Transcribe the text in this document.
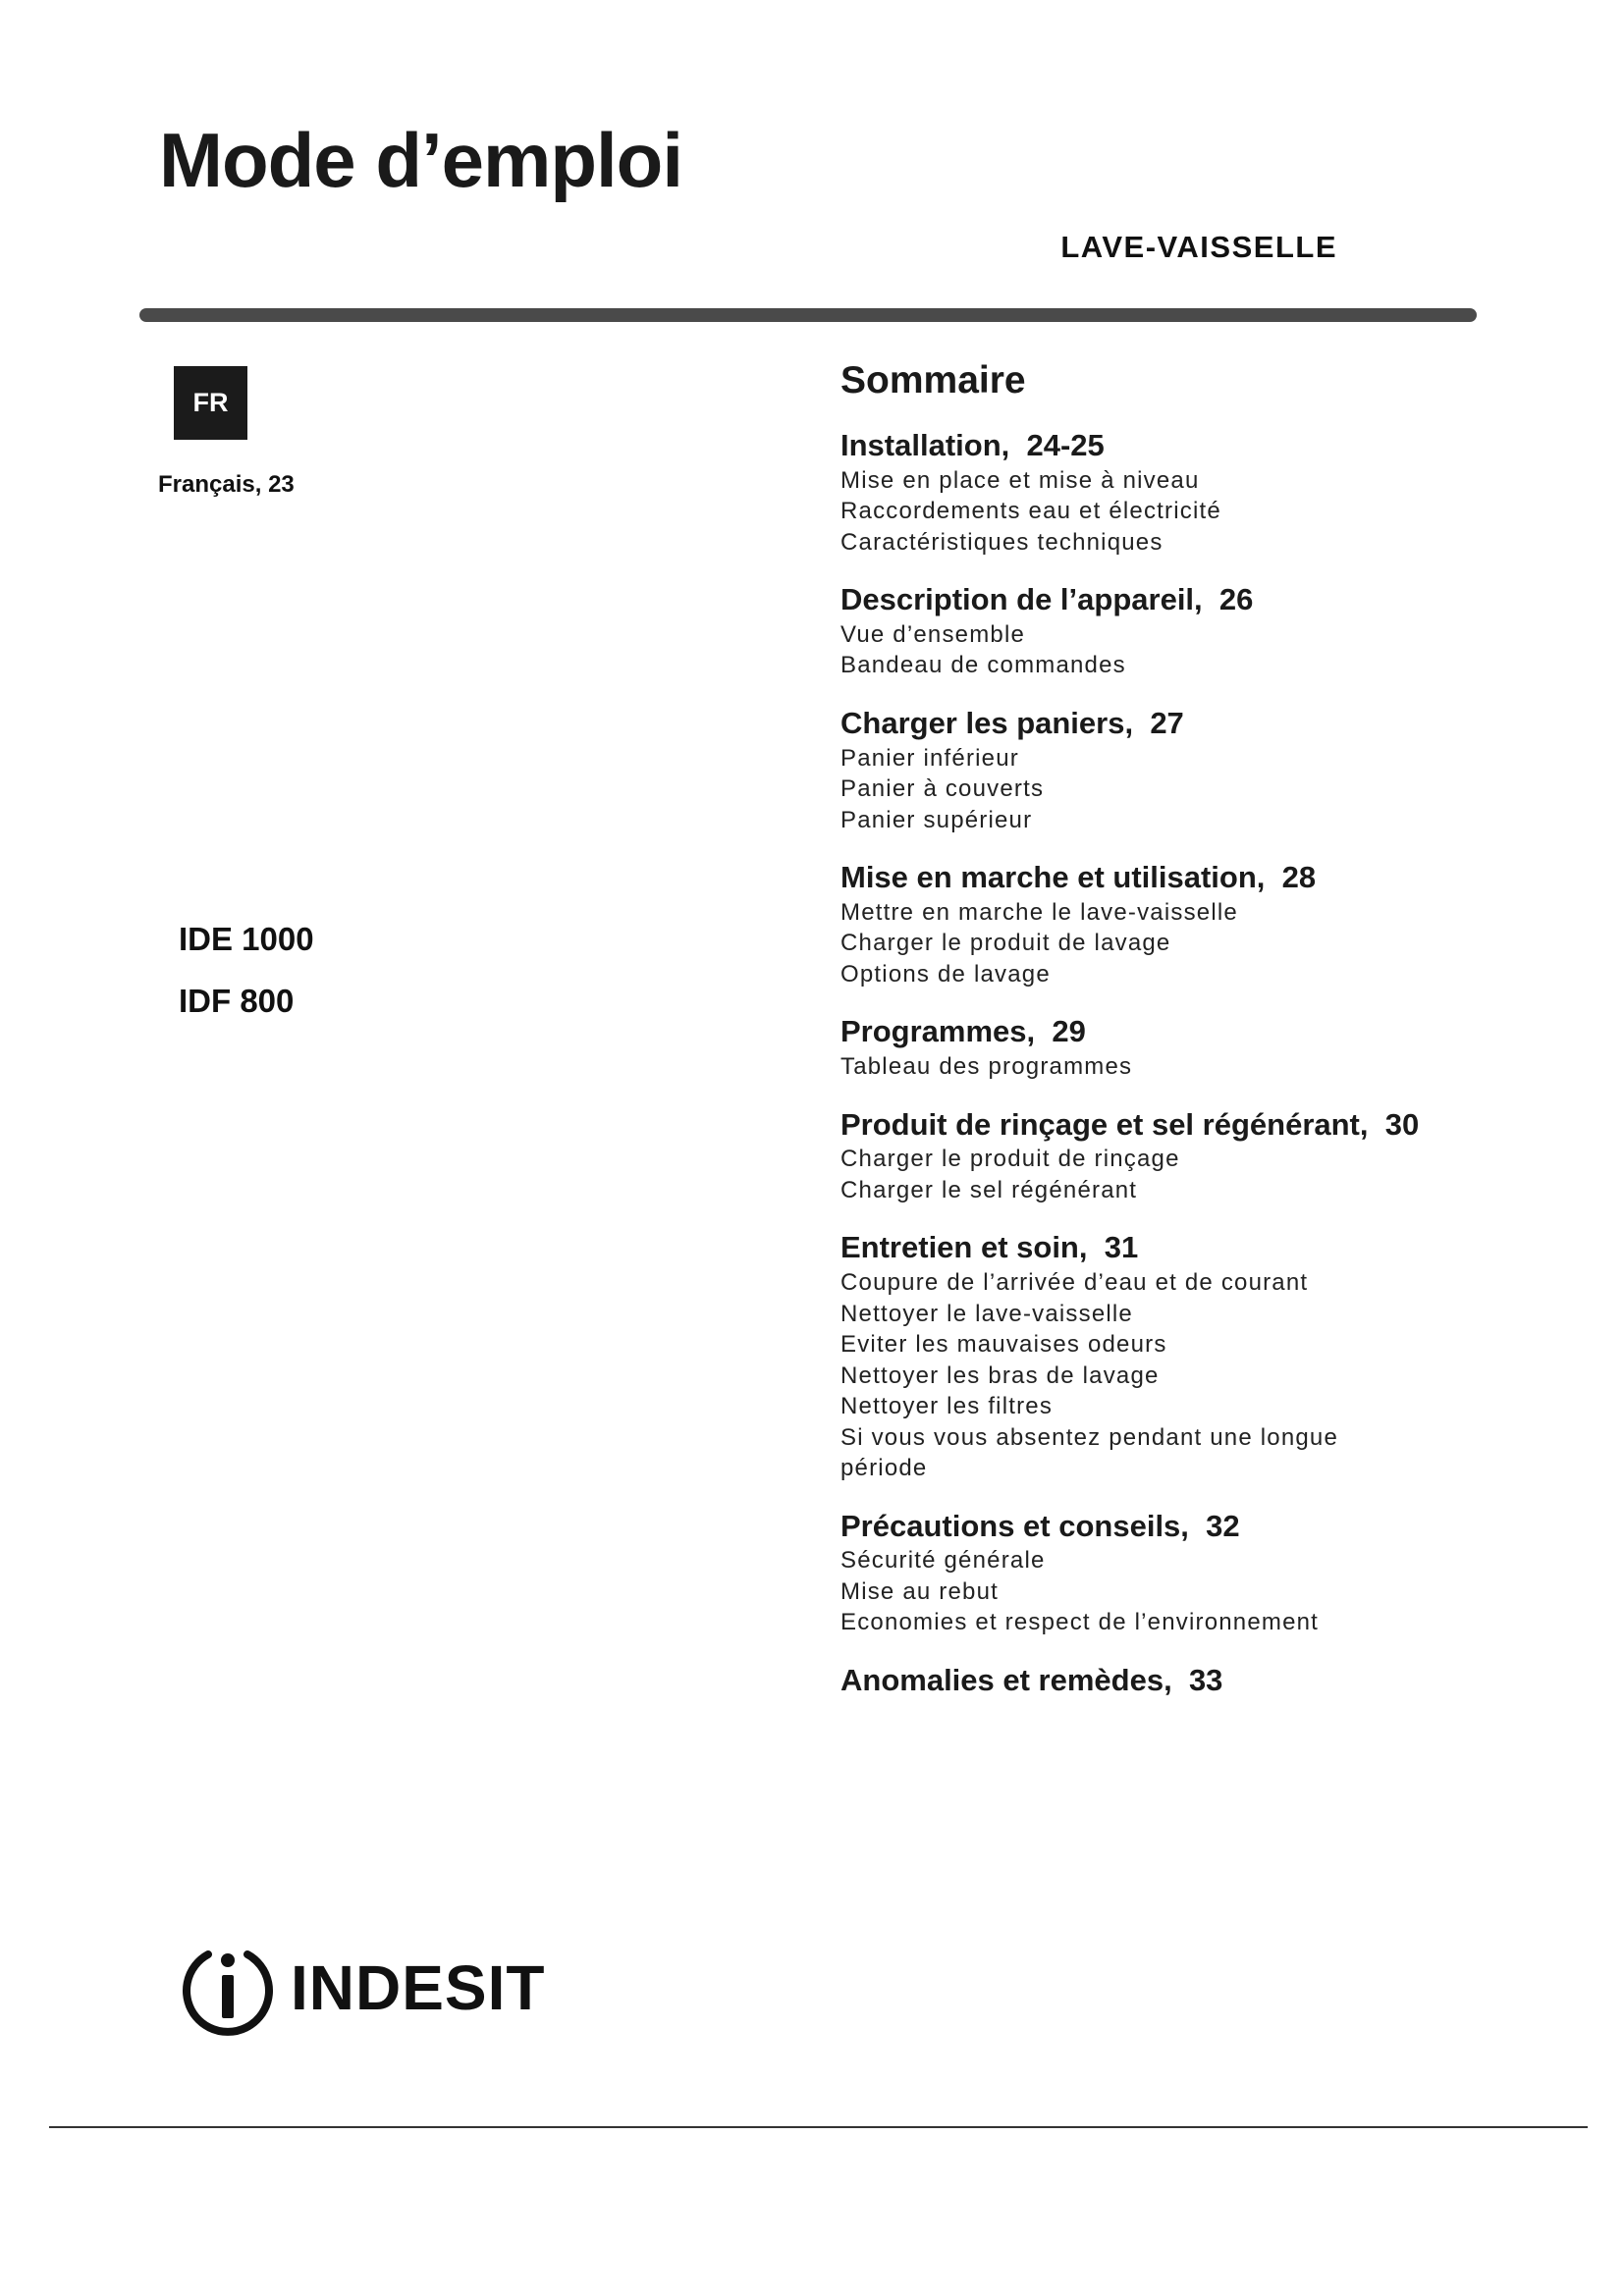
Mode d’emploi
LAVE-VAISSELLE
FR
Français, 23
IDE 1000
IDF 800
Sommaire
Installation, 24-25
Mise en place et mise à niveau
Raccordements eau et électricité
Caractéristiques techniques
Description de l’appareil, 26
Vue d’ensemble
Bandeau de commandes
Charger les paniers, 27
Panier inférieur
Panier à couverts
Panier supérieur
Mise en marche et utilisation, 28
Mettre en marche le lave-vaisselle
Charger le produit de lavage
Options de lavage
Programmes, 29
Tableau des programmes
Produit de rinçage et sel régénérant, 30
Charger le produit de rinçage
Charger le sel régénérant
Entretien et soin, 31
Coupure de l’arrivée d’eau et de courant
Nettoyer le lave-vaisselle
Eviter les mauvaises odeurs
Nettoyer les bras de lavage
Nettoyer les filtres
Si vous vous absentez pendant une longue période
Précautions et conseils, 32
Sécurité générale
Mise au rebut
Economies et respect de l’environnement
Anomalies et remèdes, 33
INDESIT
